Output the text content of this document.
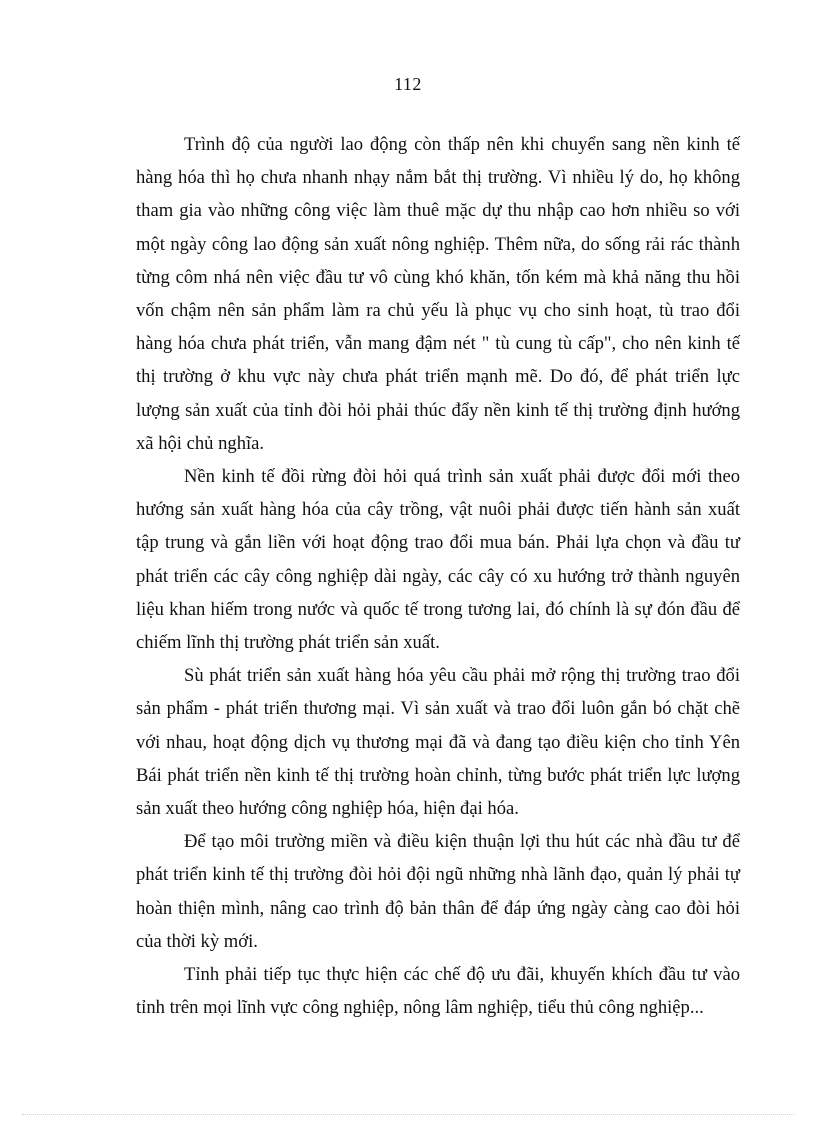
112

Trình độ của người lao động còn thấp nên khi chuyển sang nền kinh tế hàng hóa thì họ chưa nhanh nhạy nắm bắt thị trường. Vì nhiều lý do, họ không tham gia vào những công việc làm thuê mặc dự thu nhập cao hơn nhiều so với một ngày công lao động sản xuất nông nghiệp. Thêm nữa, do sống rải rác thành từng côm nhá nên việc đầu tư vô cùng khó khăn, tốn kém mà khả năng thu hồi vốn chậm nên sản phẩm làm ra chủ yếu là phục vụ cho sinh hoạt, tù trao đổi hàng hóa chưa phát triển, vẫn mang đậm nét " tù cung tù cấp", cho nên kinh tế thị trường ở khu vực này chưa phát triển mạnh mẽ. Do đó, để phát triển lực lượng sản xuất của tỉnh đòi hỏi phải thúc đẩy nền kinh tế thị trường định hướng xã hội chủ nghĩa.

Nền kinh tế đồi rừng đòi hỏi quá trình sản xuất phải được đổi mới theo hướng sản xuất hàng hóa của cây trồng, vật nuôi phải được tiến hành sản xuất tập trung và gắn liền với hoạt động trao đổi mua bán. Phải lựa chọn và đầu tư phát triển các cây công nghiệp dài ngày, các cây có xu hướng trở thành nguyên liệu khan hiếm trong nước và quốc tế trong tương lai, đó chính là sự đón đầu để chiếm lĩnh thị trường phát triển sản xuất.

Sù phát triển sản xuất hàng hóa yêu cầu phải mở rộng thị trường trao đổi sản phẩm - phát triển thương mại. Vì sản xuất và trao đổi luôn gắn bó chặt chẽ với nhau, hoạt động dịch vụ thương mại đã và đang tạo điều kiện cho tỉnh Yên Bái phát triển nền kinh tế thị trường hoàn chỉnh, từng bước phát triển lực lượng sản xuất theo hướng công nghiệp hóa, hiện đại hóa.

Để tạo môi trường miền và điều kiện thuận lợi thu hút các nhà đầu tư để phát triển kinh tế thị trường đòi hỏi đội ngũ những nhà lãnh đạo, quản lý phải tự hoàn thiện mình, nâng cao trình độ bản thân để đáp ứng ngày càng cao đòi hỏi của thời kỳ mới.

Tỉnh phải tiếp tục thực hiện các chế độ ưu đãi, khuyến khích đầu tư vào tỉnh trên mọi lĩnh vực công nghiệp, nông lâm nghiệp, tiểu thủ công nghiệp...
